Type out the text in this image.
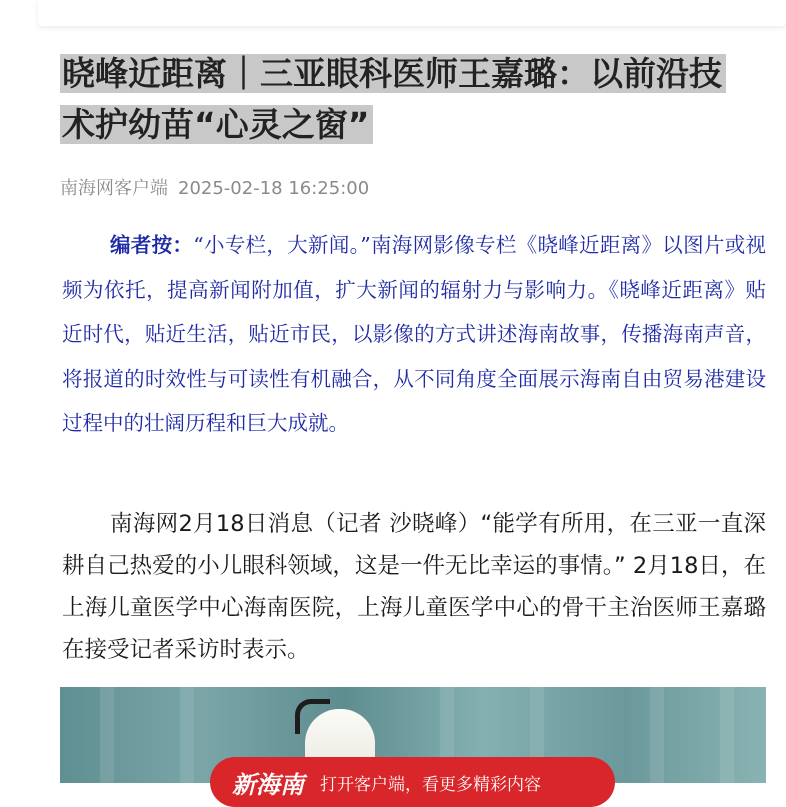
晓峰近距离｜三亚眼科医师王嘉璐：以前沿技术护幼苗“心灵之窗”
南海网客户端 2025-02-18 16:25:00

编者按：“小专栏，大新闻。”南海网影像专栏《晓峰近距离》以图片或视频为依托，提高新闻附加值，扩大新闻的辐射力与影响力。《晓峰近距离》贴近时代，贴近生活，贴近市民，以影像的方式讲述海南故事，传播海南声音，将报道的时效性与可读性有机融合，从不同角度全面展示海南自由贸易港建设过程中的壮阔历程和巨大成就。

南海网2月18日消息（记者 沙晓峰）“能学有所用，在三亚一直深耕自己热爱的小儿眼科领域，这是一件无比幸运的事情。” 2月18日，在上海儿童医学中心海南医院，上海儿童医学中心的骨干主治医师王嘉璐在接受记者采访时表示。

新海南 打开客户端，看更多精彩内容
